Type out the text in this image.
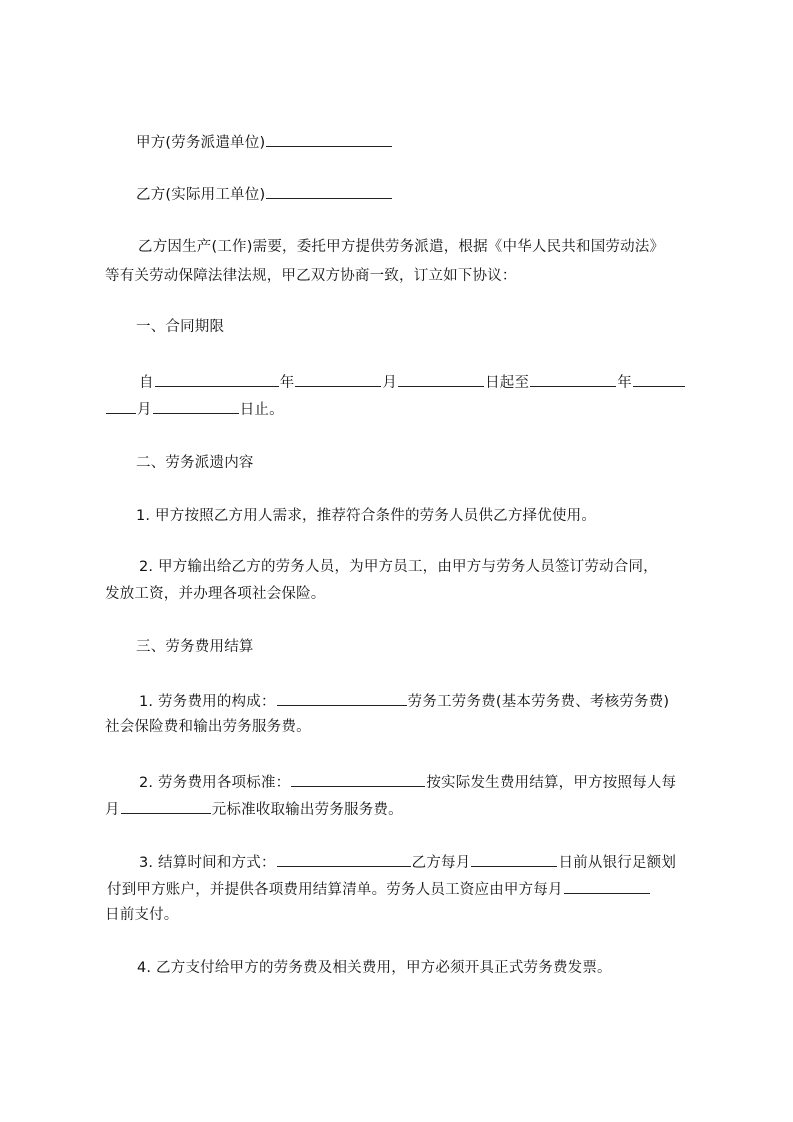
甲方(劳务派遣单位)
乙方(实际用工单位)
乙方因生产(工作)需要，委托甲方提供劳务派遣，根据《中华人民共和国劳动法》
等有关劳动保障法律法规，甲乙双方协商一致，订立如下协议：
一、合同期限
自	年	月	日起至	年
月	日止。
二、劳务派遗内容
1. 甲方按照乙方用人需求，推荐符合条件的劳务人员供乙方择优使用。
2. 甲方输出给乙方的劳务人员，为甲方员工，由甲方与劳务人员签订劳动合同，
发放工资，并办理各项社会保险。
三、劳务费用结算
1. 劳务费用的构成：	劳务工劳务费(基本劳务费、考核劳务费)
社会保险费和输出劳务服务费。
2. 劳务费用各项标准：	按实际发生费用结算，甲方按照每人每
月	元标准收取输出劳务服务费。
3. 结算时间和方式：	乙方每月	日前从银行足额划
付到甲方账户，并提供各项费用结算清单。劳务人员工资应由甲方每月
日前支付。
4. 乙方支付给甲方的劳务费及相关费用，甲方必须开具正式劳务费发票。
